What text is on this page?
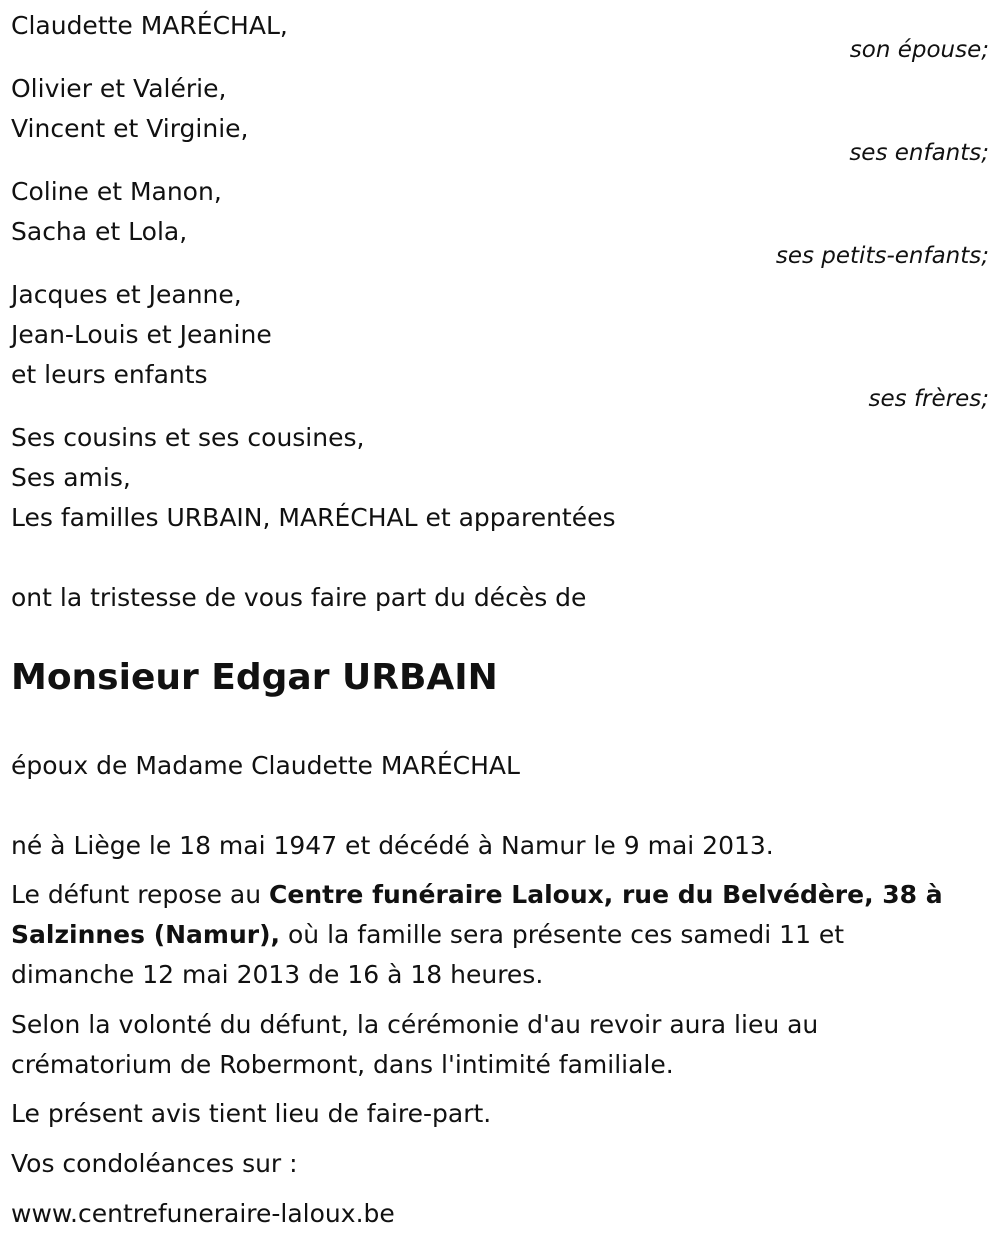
Claudette MARÉCHAL,

son épouse;

Olivier et Valérie,

Vincent et Virginie,

ses enfants;

Coline et Manon,

Sacha et Lola,

ses petits-enfants;

Jacques et Jeanne,

Jean-Louis et Jeanine

et leurs enfants

ses frères;

Ses cousins et ses cousines,

Ses amis,

Les familles URBAIN, MARÉCHAL et apparentées

ont la tristesse de vous faire part du décès de

Monsieur Edgar URBAIN

époux de Madame Claudette MARÉCHAL

né à Liège le 18 mai 1947 et décédé à Namur le 9 mai 2013.

Le défunt repose au Centre funéraire Laloux, rue du Belvédère, 38 à Salzinnes (Namur), où la famille sera présente ces samedi 11 et dimanche 12 mai 2013 de 16 à 18 heures.

Selon la volonté du défunt, la cérémonie d'au revoir aura lieu au crématorium de Robermont, dans l'intimité familiale.

Le présent avis tient lieu de faire-part.

Vos condoléances sur :

www.centrefuneraire-laloux.be
